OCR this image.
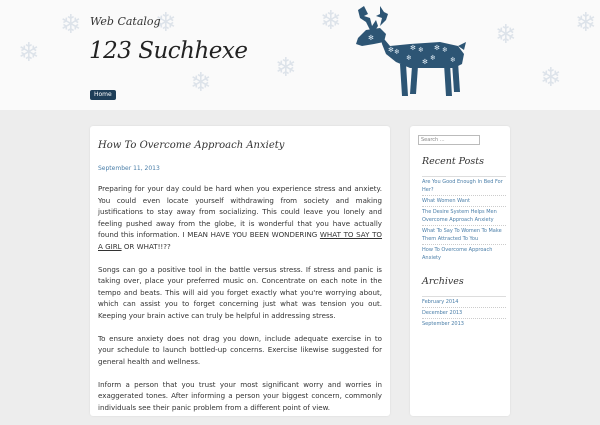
❄
❄
❄
❄
❄	❄
❄
❄
❄
Web Catalog
123 Suchhexe
Home
❄
❄
❄
❄
❄
❄
✻	✻
✻
✻
✻
How To Overcome Approach Anxiety
September 11, 2013

Preparing for your day could be hard when you experience stress and anxiety. You could even locate yourself withdrawing from society and making justifications to stay away from socializing. This could leave you lonely and feeling pushed away from the globe, it is wonderful that you have actually found this information. I MEAN HAVE YOU BEEN WONDERING WHAT TO SAY TO A GIRL OR WHAT!!??

Songs can go a positive tool in the battle versus stress. If stress and panic is taking over, place your preferred music on. Concentrate on each note in the tempo and beats. This will aid you forget exactly what you're worrying about, which can assist you to forget concerning just what was tension you out. Keeping your brain active can truly be helpful in addressing stress.

To ensure anxiety does not drag you down, include adequate exercise in to your schedule to launch bottled-up concerns. Exercise likewise suggested for general health and wellness.

Inform a person that you trust your most significant worry and worries in exaggerated tones. After informing a person your biggest concern, commonly individuals see their panic problem from a different point of view.

Search ...
Recent Posts
Are You Good Enough In Bed For Her?
What Women Want
The Desire System Helps Men Overcome Approach Anxiety
What To Say To Women To Make Them Attracted To You
How To Overcome Approach Anxiety
Archives
February 2014
December 2013
September 2013
